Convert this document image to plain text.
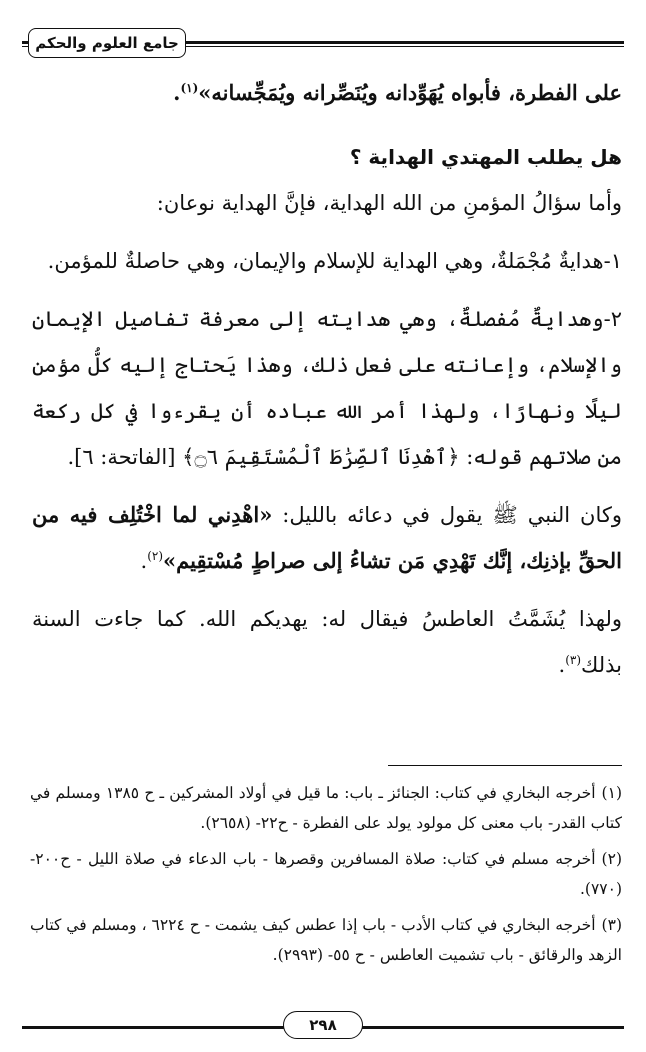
جامع العلوم والحكم

على الفطرة، فأبواه يُهَوِّدانه ويُنَصِّرانه ويُمَجِّسانه»$^{(١)}$.

هل يطلب المهتدي الهداية ؟

وأما سؤالُ المؤمنِ من الله الهداية، فإنَّ الهداية نوعان:

١-هدايةٌ مُجْمَلةٌ، وهي الهداية للإسلام والإيمان، وهي حاصلةٌ للمؤمن.

٢-وهدايةٌ مُفصلةٌ، وهي هدايته إلى معرفة تفاصيل الإيمان والإسلام، وإعانته على فعل ذلك، وهذا يَحتاج إليه كلُّ مؤمن ليلًا ونهارًا، ولهذا أمر الله عباده أن يقرءوا في كل ركعة من صلاتهم قوله: ﴿ٱهْدِنَا ٱلصِّرَٰطَ ٱلْمُسْتَقِيمَ ۝٦﴾ [الفاتحة: ٦].

وكان النبي ﷺ يقول في دعائه بالليل: «اهْدِني لما اخْتُلِف فيه من الحقِّ بإذنِك، إنَّك تَهْدِي مَن تشاءُ إلى صراطٍ مُسْتقِيم»$^{(٢)}$.

ولهذا يُشَمَّتُ العاطسُ فيقال له: يهديكم الله. كما جاءت السنة بذلك$^{(٣)}$.

(١)أخرجه البخاري في كتاب: الجنائز ـ باب: ما قيل في أولاد المشركين ـ ح ١٣٨٥ ومسلم في كتاب القدر- باب معنى كل مولود يولد على الفطرة - ح٢٢- (٢٦٥٨).

(٢)أخرجه مسلم في كتاب: صلاة المسافرين وقصرها - باب الدعاء في صلاة الليل - ح٢٠٠-(٧٧٠).

(٣)أخرجه البخاري في كتاب الأدب - باب إذا عطس كيف يشمت - ح ٦٢٢٤ ، ومسلم في كتاب الزهد والرقائق - باب تشميت العاطس - ح ٥٥- (٢٩٩٣).

٢٩٨
